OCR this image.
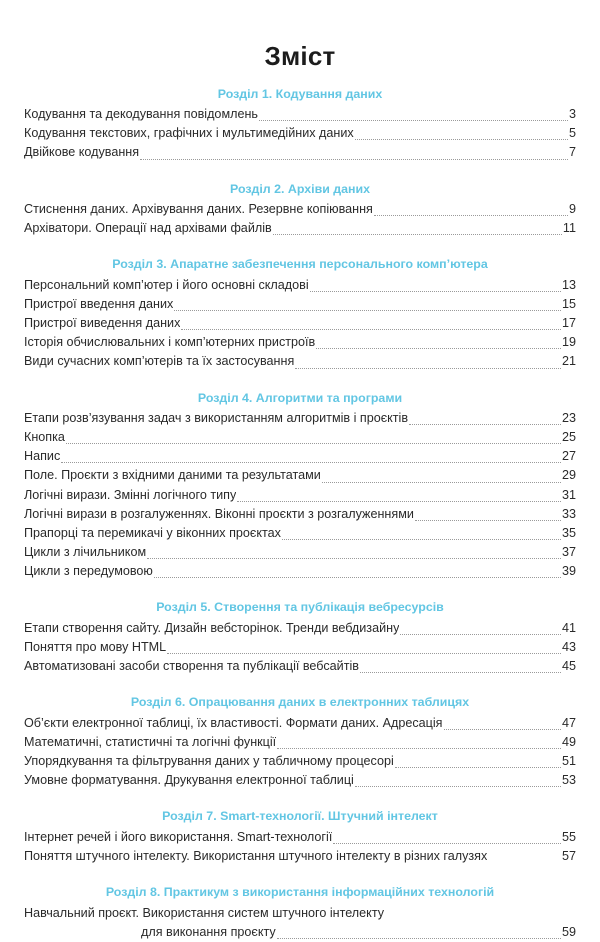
Зміст
Розділ 1. Кодування даних
Кодування та декодування повідомлень	3
Кодування текстових, графічних і мультимедійних даних	5
Двійкове кодування	7
Розділ 2. Архіви даних
Стиснення даних. Архівування даних. Резервне копіювання	9
Архіватори. Операції над архівами файлів	11
Розділ 3. Апаратне забезпечення персонального комп’ютера
Персональний комп’ютер і його основні складові	13
Пристрої введення даних	15
Пристрої виведення даних	17
Історія обчислювальних і комп’ютерних пристроїв	19
Види сучасних комп’ютерів та їх застосування	21
Розділ 4. Алгоритми та програми
Етапи розв’язування задач з використанням алгоритмів і проєктів	23
Кнопка	25
Напис	27
Поле. Проєкти з вхідними даними та результатами	29
Логічні вирази. Змінні логічного типу	31
Логічні вирази в розгалуженнях. Віконні проєкти з розгалуженнями	33
Прапорці та перемикачі у віконних проєктах	35
Цикли з лічильником	37
Цикли з передумовою	39
Розділ 5. Створення та публікація вебресурсів
Етапи створення сайту. Дизайн вебсторінок. Тренди вебдизайну	41
Поняття про мову HTML	43
Автоматизовані засоби створення та публікації вебсайтів	45
Розділ 6. Опрацювання даних в електронних таблицях
Об’єкти електронної таблиці, їх властивості. Формати даних. Адресація	47
Математичні, статистичні та логічні функції	49
Упорядкування та фільтрування даних у табличному процесорі	51
Умовне форматування. Друкування електронної таблиці	53
Розділ 7. Smart-технології. Штучний інтелект
Інтернет речей і його використання. Smart-технології	55
Поняття штучного інтелекту. Використання штучного інтелекту в різних галузях	57
Розділ 8. Практикум з використання інформаційних технологій
Навчальний проєкт. Використання систем штучного інтелекту
для виконання проєкту	59
